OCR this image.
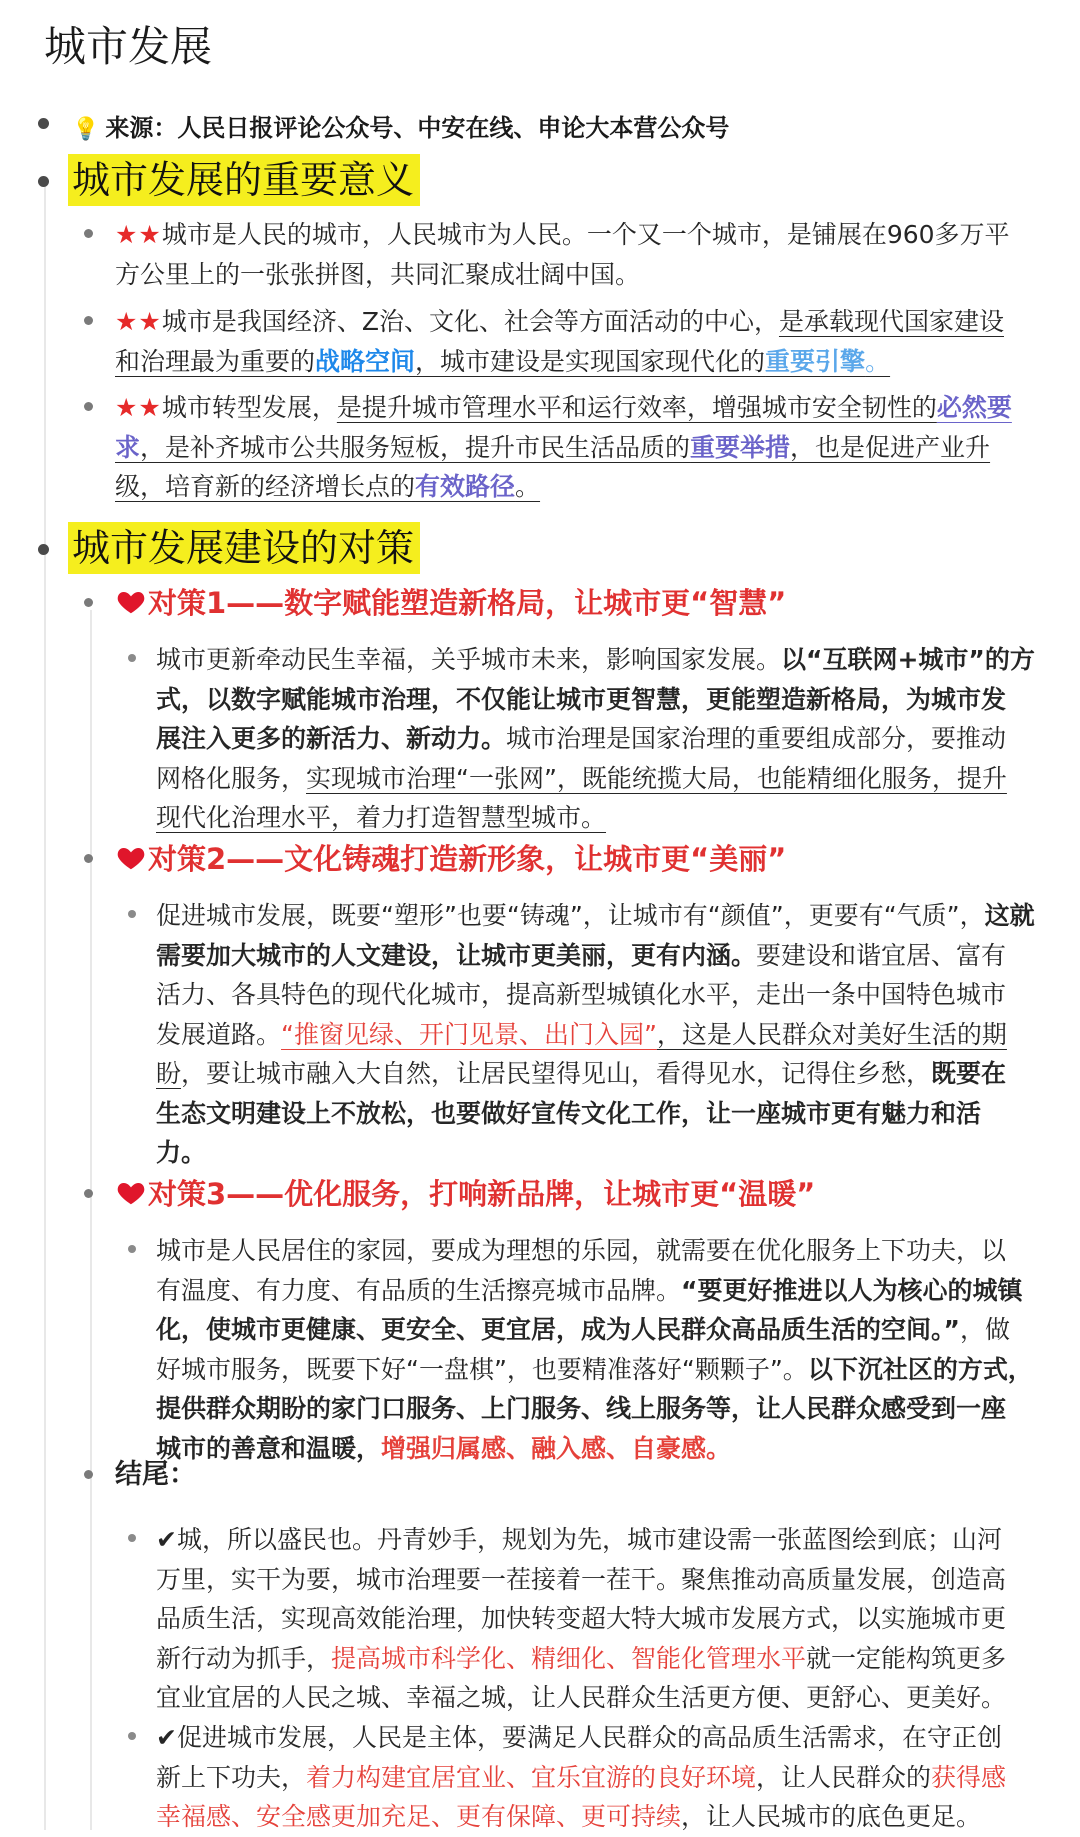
城市发展
💡 来源：人民日报评论公众号、中安在线、申论大本营公众号
城市发展的重要意义

★★城市是人民的城市，人民城市为人民。一个又一个城市，是铺展在960多万平

方公里上的一张张拼图，共同汇聚成壮阔中国。

★★城市是我国经济、Z治、文化、社会等方面活动的中心，是承载现代国家建设

和治理最为重要的战略空间，城市建设是实现国家现代化的重要引擎。

★★城市转型发展，是提升城市管理水平和运行效率，增强城市安全韧性的必然要

求，是补齐城市公共服务短板，提升市民生活品质的重要举措，也是促进产业升

级，培育新的经济增长点的有效路径。

城市发展建设的对策
对策1——数字赋能塑造新格局，让城市更“智慧”

城市更新牵动民生幸福，关乎城市未来，影响国家发展。以“互联网+城市”的方

式，以数字赋能城市治理，不仅能让城市更智慧，更能塑造新格局，为城市发

展注入更多的新活力、新动力。城市治理是国家治理的重要组成部分，要推动

网格化服务，实现城市治理“一张网”，既能统揽大局，也能精细化服务，提升

现代化治理水平，着力打造智慧型城市。

对策2——文化铸魂打造新形象，让城市更“美丽”

促进城市发展，既要“塑形”也要“铸魂”，让城市有“颜值”，更要有“气质”，这就

需要加大城市的人文建设，让城市更美丽，更有内涵。要建设和谐宜居、富有

活力、各具特色的现代化城市，提高新型城镇化水平，走出一条中国特色城市

发展道路。“推窗见绿、开门见景、出门入园”，这是人民群众对美好生活的期

盼，要让城市融入大自然，让居民望得见山，看得见水，记得住乡愁，既要在

生态文明建设上不放松，也要做好宣传文化工作，让一座城市更有魅力和活

力。

对策3——优化服务，打响新品牌，让城市更“温暖”

城市是人民居住的家园，要成为理想的乐园，就需要在优化服务上下功夫，以

有温度、有力度、有品质的生活擦亮城市品牌。“要更好推进以人为核心的城镇

化，使城市更健康、更安全、更宜居，成为人民群众高品质生活的空间。”，做

好城市服务，既要下好“一盘棋”，也要精准落好“颗颗子”。以下沉社区的方式，

提供群众期盼的家门口服务、上门服务、线上服务等，让人民群众感受到一座

城市的善意和温暖，增强归属感、融入感、自豪感。

结尾：

✔城，所以盛民也。丹青妙手，规划为先，城市建设需一张蓝图绘到底；山河

万里，实干为要，城市治理要一茬接着一茬干。聚焦推动高质量发展，创造高

品质生活，实现高效能治理，加快转变超大特大城市发展方式，以实施城市更

新行动为抓手，提高城市科学化、精细化、智能化管理水平就一定能构筑更多

宜业宜居的人民之城、幸福之城，让人民群众生活更方便、更舒心、更美好。

✔促进城市发展，人民是主体，要满足人民群众的高品质生活需求，在守正创

新上下功夫，着力构建宜居宜业、宜乐宜游的良好环境，让人民群众的获得感

幸福感、安全感更加充足、更有保障、更可持续，让人民城市的底色更足。
